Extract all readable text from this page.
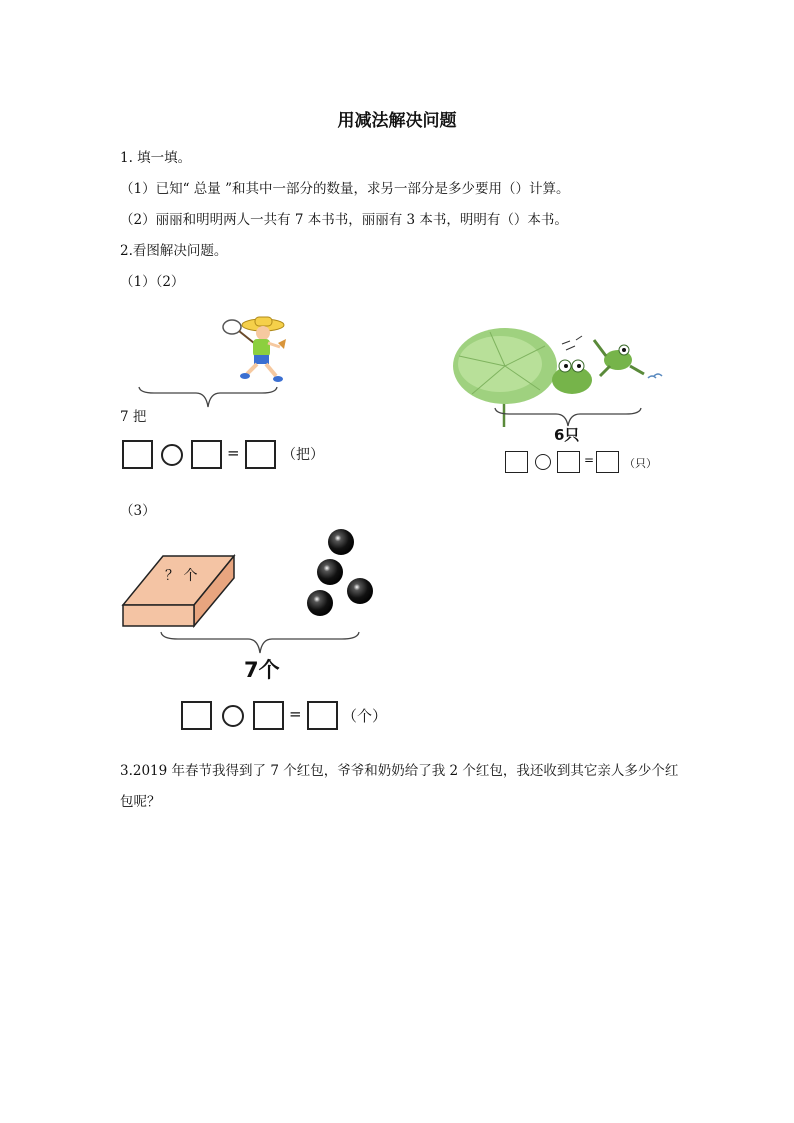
用减法解决问题
1. 填一填。
（1）已知“ 总量 ”和其中一部分的数量，求另一部分是多少要用（）计算。
（2）丽丽和明明两人一共有 7 本书书，丽丽有 3 本书，明明有（）本书。
2.看图解决问题。
（1）（2）
7 把
=	（把）
6只
=	（只）
（3）
？ 个
7个
=	（个）
3.2019 年春节我得到了 7 个红包，爷爷和奶奶给了我 2 个红包，我还收到其它亲人多少个红
包呢？
